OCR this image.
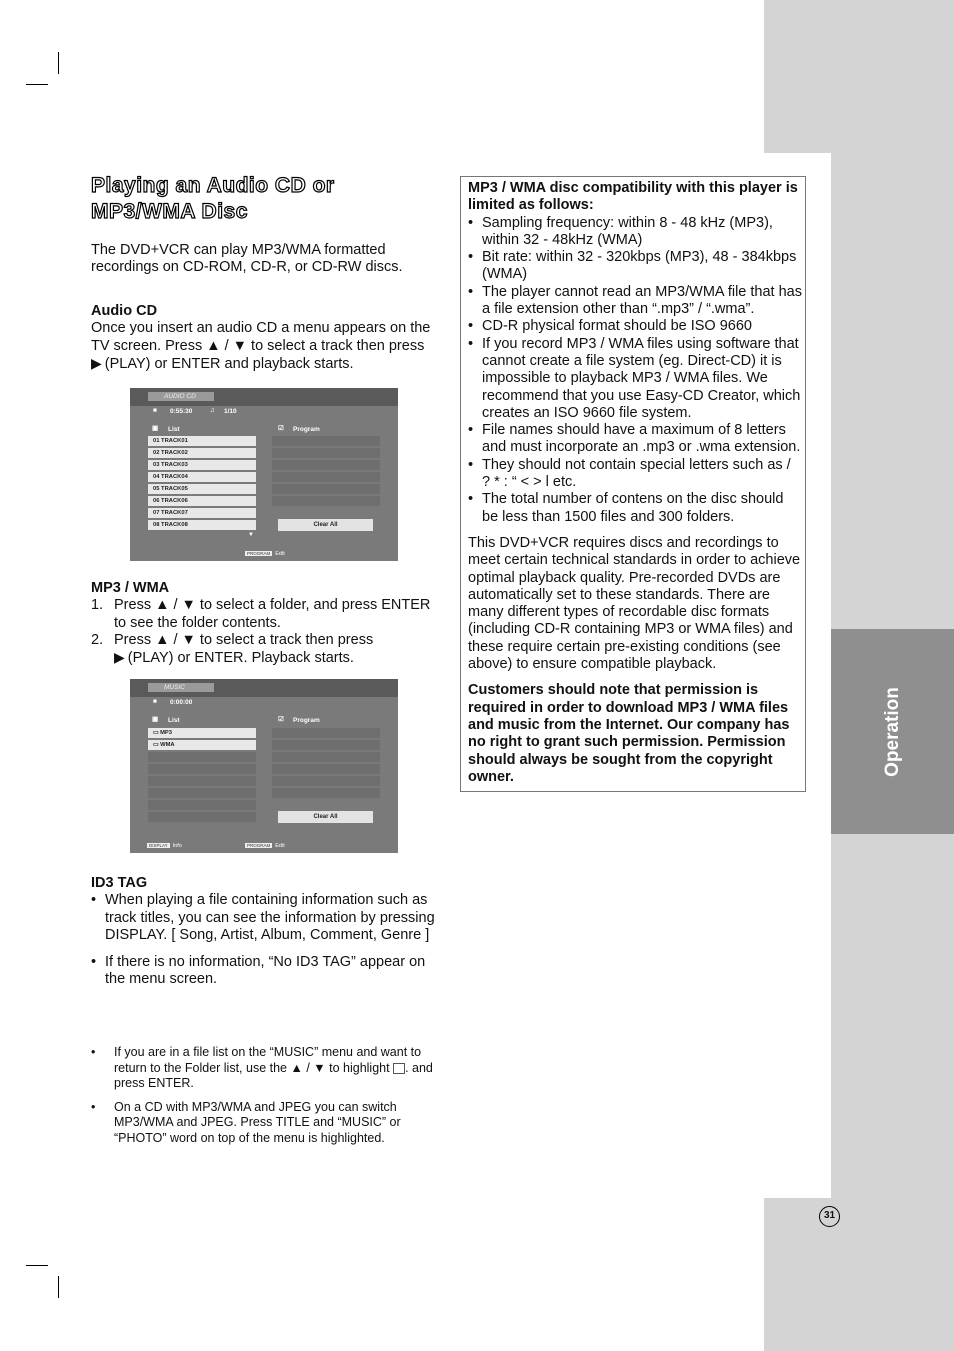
Operation
31
Playing an Audio CD or MP3/WMA Disc
The DVD+VCR can play MP3/WMA formatted recordings on CD-ROM, CD-R, or CD-RW discs.
Audio CD
Once you insert an audio CD a menu appears on the TV screen. Press ▲ / ▼ to select a track then press ▶ (PLAY) or ENTER and playback starts.
AUDIO CD
■ 0:55:30	♫ 1/10
▣ List	☑ Program
01 TRACK01
02 TRACK02
03 TRACK03
04 TRACK04
05 TRACK05
06 TRACK06
07 TRACK07
08 TRACK08
▼
Clear All
PROGRAM Edit
MP3 / WMA
1. Press ▲ / ▼ to select a folder, and press ENTER to see the folder contents.
2. Press ▲ / ▼ to select a track then press
▶ (PLAY) or ENTER. Playback starts.
MUSIC
■ 0:00:00
▣ List	☑ Program
▭ MP3
▭ WMA
Clear All
DISPLAY Info	PROGRAM Edit
ID3 TAG
• When playing a file containing information such as track titles, you can see the information by pressing DISPLAY. [ Song, Artist, Album, Comment, Genre ]
• If there is no information, “No ID3 TAG” appear on the menu screen.
•	If you are in a file list on the “MUSIC” menu and want to return to the Folder list, use the ▲ / ▼ to highlight . and press ENTER.
•	On a CD with MP3/WMA and JPEG you can switch MP3/WMA and JPEG. Press TITLE and “MUSIC” or “PHOTO” word on top of the menu is highlighted.
MP3 / WMA disc compatibility with this player is limited as follows:
• Sampling frequency: within 8 - 48 kHz (MP3), within 32 - 48kHz (WMA)
• Bit rate: within 32 - 320kbps (MP3), 48 - 384kbps (WMA)
• The player cannot read an MP3/WMA file that has a file extension other than “.mp3” / “.wma”.
• CD-R physical format should be ISO 9660
• If you record MP3 / WMA files using software that cannot create a file system (eg. Direct-CD) it is impossible to playback MP3 / WMA files. We recommend that you use Easy-CD Creator, which creates an ISO 9660 file system.
• File names should have a maximum of 8 letters and must incorporate an .mp3 or .wma extension.
• They should not contain special letters such as / ? * : “ < > l etc.
• The total number of contens on the disc should be less than 1500 files and 300 folders.
This DVD+VCR requires discs and recordings to meet certain technical standards in order to achieve optimal playback quality. Pre-recorded DVDs are automatically set to these standards. There are many different types of recordable disc formats (including CD-R containing MP3 or WMA files) and these require certain pre-existing conditions (see above) to ensure compatible playback.
Customers should note that permission is required in order to download MP3 / WMA files and music from the Internet. Our company has no right to grant such permission. Permission should always be sought from the copyright owner.
